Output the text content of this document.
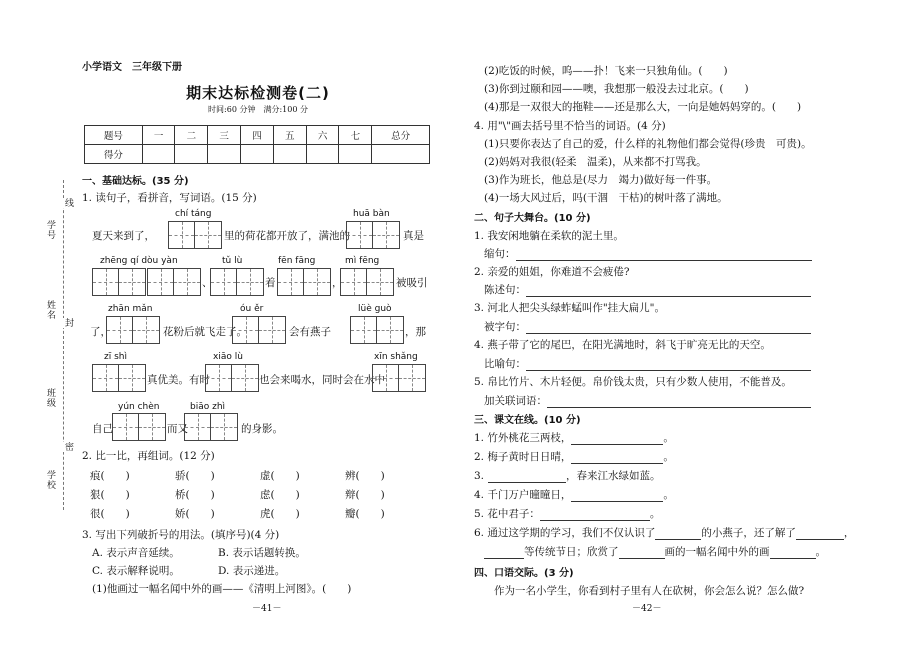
学号
线
姓名
封
班级
密
学校
小学语文　三年级下册
期末达标检测卷(二)
时间:60 分钟　满分:100 分
题号	一	二	三	四	五	六	七	总分
得分								
一、基础达标。(35 分)
1. 读句子，看拼音，写词语。(15 分)
chí táng	huā bàn
夏天来到了，	里的荷花都开放了，满池的	真是
zhēng qí dòu yàn	tǔ lù	fēn fāng	mì fēng
、	着	，	被吸引
zhān mǎn	óu ěr	lüè guò
了，	花粉后就飞走了。	会有燕子	，那
zī shì	xiāo lù	xīn shǎng
真优美。有时	也会来喝水，同时会在水中
yún chèn	biāo zhì
自己	而又	的身影。
2. 比一比，再组词。(12 分)
痕(　　)	骄(　　)	虚(　　)	辨(　　)
狠(　　)	桥(　　)	虑(　　)	辩(　　)
很(　　)	娇(　　)	虎(　　)	瓣(　　)
3. 写出下列破折号的用法。(填序号)(4 分)
A. 表示声音延续。	B. 表示话题转换。
C. 表示解释说明。	D. 表示递进。
(1)他画过一幅名闻中外的画——《清明上河图》。(　　)
－41－
(2)吃饭的时候，呜——扑！飞来一只独角仙。(　　)
(3)你到过颐和园——噢，我想那一般没去过北京。(　　)
(4)那是一双很大的拖鞋——还是那么大，一向是她妈妈穿的。(　　)
4. 用"\"画去括号里不恰当的词语。(4 分)
(1)只要你表达了自己的爱，什么样的礼物他们都会觉得(珍贵　可贵)。
(2)妈妈对我很(轻柔　温柔)，从来都不打骂我。
(3)作为班长，他总是(尽力　竭力)做好每一件事。
(4)一场大风过后，吗(干涸　干枯)的树叶落了满地。
二、句子大舞台。(10 分)
1. 我安闲地躺在柔软的泥土里。
缩句：
2. 亲爱的姐姐，你难道不会疲倦?
陈述句：
3. 河北人把尖头绿蚱蜢叫作"挂大扁儿"。
被字句：
4. 燕子带了它的尾巴，在阳光满地时，斜飞于旷亮无比的天空。
比喻句：
5. 帛比竹片、木片轻便。帛价钱太贵，只有少数人使用，不能普及。
加关联词语：
三、课文在线。(10 分)
1. 竹外桃花三两枝，	。
2. 梅子黄时日日晴，	。
3.	，春来江水绿如蓝。
4. 千门万户曈曈日，	。
5. 花中君子：	。
6. 通过这学期的学习，我们不仅认识了	的小燕子，还了解了	，
等传统节日；欣赏了	画的一幅名闻中外的画	。
四、口语交际。(3 分)
作为一名小学生，你看到村子里有人在砍树，你会怎么说？怎么做?
－42－
